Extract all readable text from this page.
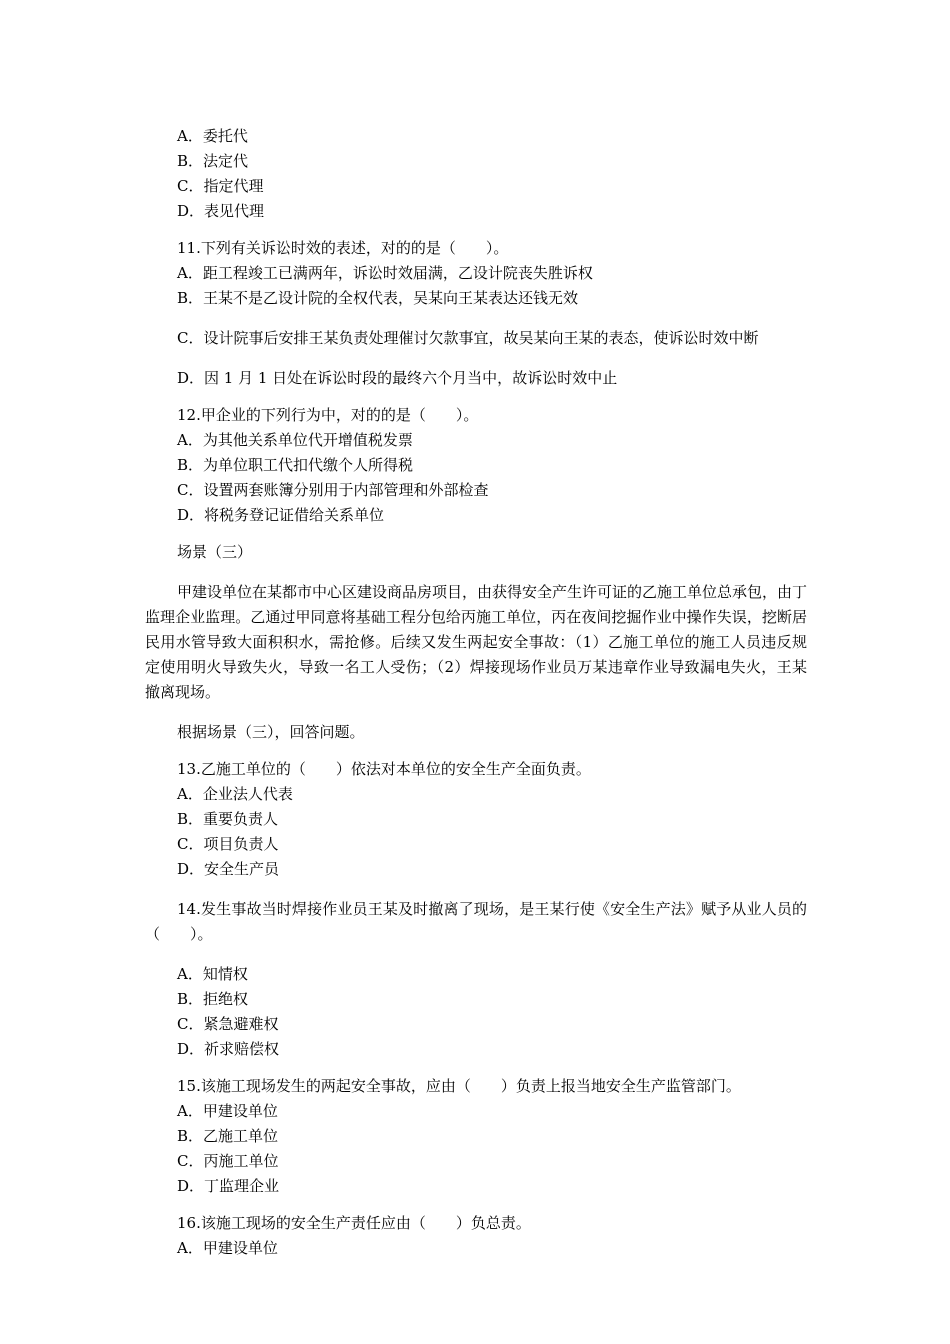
A．委托代

B．法定代

C．指定代理

D．表见代理

11.下列有关诉讼时效的表述，对的的是（　　）。

A．距工程竣工已满两年，诉讼时效届满，乙设计院丧失胜诉权

B．王某不是乙设计院的全权代表，吴某向王某表达还钱无效

C．设计院事后安排王某负责处理催讨欠款事宜，故吴某向王某的表态，使诉讼时效中断

D．因 1 月 1 日处在诉讼时段的最终六个月当中，故诉讼时效中止

12.甲企业的下列行为中，对的的是（　　）。

A．为其他关系单位代开增值税发票

B．为单位职工代扣代缴个人所得税

C．设置两套账簿分别用于内部管理和外部检查

D．将税务登记证借给关系单位

场景（三）

甲建设单位在某都市中心区建设商品房项目，由获得安全产生许可证的乙施工单位总承包，由丁监理企业监理。乙通过甲同意将基础工程分包给丙施工单位，丙在夜间挖掘作业中操作失误，挖断居民用水管导致大面积积水，需抢修。后续又发生两起安全事故：（1）乙施工单位的施工人员违反规定使用明火导致失火，导致一名工人受伤；（2）焊接现场作业员万某违章作业导致漏电失火，王某撤离现场。

根据场景（三），回答问题。

13.乙施工单位的（　　）依法对本单位的安全生产全面负责。

A．企业法人代表

B．重要负责人

C．项目负责人

D．安全生产员

14.发生事故当时焊接作业员王某及时撤离了现场，是王某行使《安全生产法》赋予从业人员的（　　）。

A．知情权

B．拒绝权

C．紧急避难权

D．祈求赔偿权

15.该施工现场发生的两起安全事故，应由（　　）负责上报当地安全生产监管部门。

A．甲建设单位

B．乙施工单位

C．丙施工单位

D．丁监理企业

16.该施工现场的安全生产责任应由（　　）负总责。

A．甲建设单位
